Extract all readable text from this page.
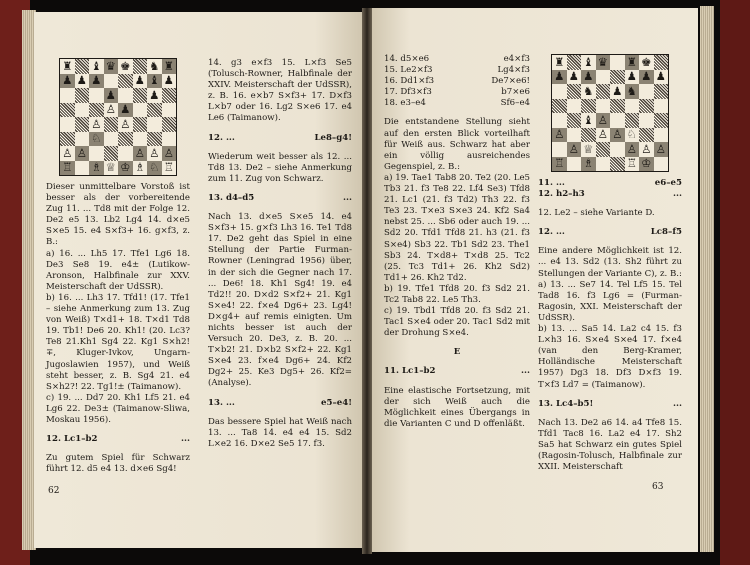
♜ ♝ ♛ ♚ ♞ ♜
♟ ♟ ♟	♟ ♝ ♟
♟	♟
♙ ♟
♙ ♙
♘
♙ ♙	♙ ♙ ♙
♖ ♗ ♕ ♔ ♗ ♘ ♖

Dieser unmittelbare Vorstoß ist besser als der vorbereitende Zug 11. ... Td8 mit der Folge 12. De2 e5 13. Lb2 Lg4 14. d×e5 S×e5 15. e4 S×f3+ 16. g×f3, z. B.:

a) 16. ... Lh5 17. Tfe1 Lg6 18. De3 Se8 19. e4± (Lutikow-Aronson, Halbfinale zur XXV. Meisterschaft der UdSSR).

b) 16. ... Lh3 17. Tfd1! (17. Tfe1 – siehe Anmerkung zum 13. Zug von Weiß) T×d1+ 18. T×d1 Td8 19. Tb1! De6 20. Kh1! (20. Lc3? Te8 21.Kh1 Sg4 22. Kg1 S×h2!∓, Kluger-Ivkov, Ungarn-Jugoslawien 1957), und Weiß steht besser, z. B. Sg4 21. e4 S×h2?! 22. Tg1!± (Taimanow).

c) 19. ... Dd7 20. Kh1 Lf5 21. e4 Lg6 22. De3± (Taimanow-Sliwa, Moskau 1956).

12. Lc1–b2	...

Zu gutem Spiel für Schwarz führt 12. d5 e4 13. d×e6 Sg4!

14. g3 e×f3 15. L×f3 Se5 (Tolusch-Rowner, Halbfinale der XXIV. Meisterschaft der UdSSR), z. B. 16. e×b7 S×f3+ 17. D×f3 L×b7 oder 16. Lg2 S×e6 17. e4 Le6 (Taimanow).

12. ...	Le8–g4!

Wiederum weit besser als 12. ... Td8 13. De2 – siehe Anmerkung zum 11. Zug von Schwarz.

13. d4–d5	...

Nach 13. d×e5 S×e5 14. e4 S×f3+ 15. g×f3 Lh3 16. Te1 Td8 17. De2 geht das Spiel in eine Stellung der Partie Furman-Rowner (Leningrad 1956) über, in der sich die Gegner nach 17. ... De6! 18. Kh1 Sg4! 19. e4 Td2!! 20. D×d2 S×f2+ 21. Kg1 S×e4! 22. f×e4 Dg6+ 23. Lg4! D×g4+ auf remis einigten. Um nichts besser ist auch der Versuch 20. De3, z. B. 20. ... T×b2! 21. D×b2 S×f2+ 22. Kg1 S×e4 23. f×e4 Dg6+ 24. Kf2 Dg2+ 25. Ke3 Dg5+ 26. Kf2= (Analyse).

13. ...	e5–e4!

Das bessere Spiel hat Weiß nach 13. ... Ta8 14. e4 e4 15. Sd2 L×e2 16. D×e2 Se5 17. f3.

62
14. d5×e6	e4×f3
15. Le2×f3	Lg4×f3
16. Dd1×f3	De7×e6!
17. Df3×f3	b7×e6
18. e3–e4	Sf6–e4

Die entstandene Stellung sieht auf den ersten Blick vorteilhaft für Weiß aus. Schwarz hat aber ein völlig ausreichendes Gegenspiel, z. B.:

a) 19. Tae1 Tab8 20. Te2 (20. Le5 Tb3 21. f3 Te8 22. Lf4 Se3) Tfd8 21. Lc1 (21. f3 Td2) Th3 22. f3 Te3 23. T×e3 S×e3 24. Kf2 Sa4 nebst 25. ... Sb6 oder auch 19. ... Sd2 20. Tfd1 Tfd8 21. h3 (21. f3 S×e4) Sb3 22. Tb1 Sd2 23. The1 Sb3 24. T×d8+ T×d8 25. Tc2 (25. Tc3 Td1+ 26. Kh2 Sd2) Td1+ 26. Kh2 Td2.

b) 19. Tfe1 Tfd8 20. f3 Sd2 21. Tc2 Tab8 22. Le5 Th3.

c) 19. Tbd1 Tfd8 20. f3 Sd2 21. Tac1 S×e4 oder 20. Tac1 Sd2 mit der Drohung S×e4.

E
11. Lc1–b2	...

Eine elastische Fortsetzung, mit der sich Weiß auch die Möglichkeit eines Übergangs in die Varianten C und D offenläßt.

♜ ♝ ♛ ♜ ♚
♟ ♟ ♟	♟ ♟ ♟
♞ ♟ ♞
♝ ♙
♙	♙ ♙ ♘
♙ ♕	♙ ♙ ♙
♖ ♗	♖ ♔
11. ...	e6–e5
12. h2–h3	...

12. Le2 – siehe Variante D.

12. ...	Lc8–f5

Eine andere Möglichkeit ist 12. ... e4 13. Sd2 (13. Sh2 führt zu Stellungen der Variante C), z. B.:

a) 13. ... Se7 14. Tel Lf5 15. Tel Tad8 16. f3 Lg6 = (Furman-Ragosin, XXI. Meisterschaft der UdSSR).

b) 13. ... Sa5 14. La2 c4 15. f3 L×h3 16. S×e4 S×e4 17. f×e4 (van den Berg-Kramer, Holländische Meisterschaft 1957) Dg3 18. Df3 D×f3 19. T×f3 Ld7 = (Taimanow).

13. Lc4–b5!	...

Nach 13. De2 a6 14. a4 Tfe8 15. Tfd1 Tac8 16. La2 e4 17. Sh2 Sa5 hat Schwarz ein gutes Spiel (Ragosin-Tolusch, Halbfinale zur XXII. Meisterschaft

63
